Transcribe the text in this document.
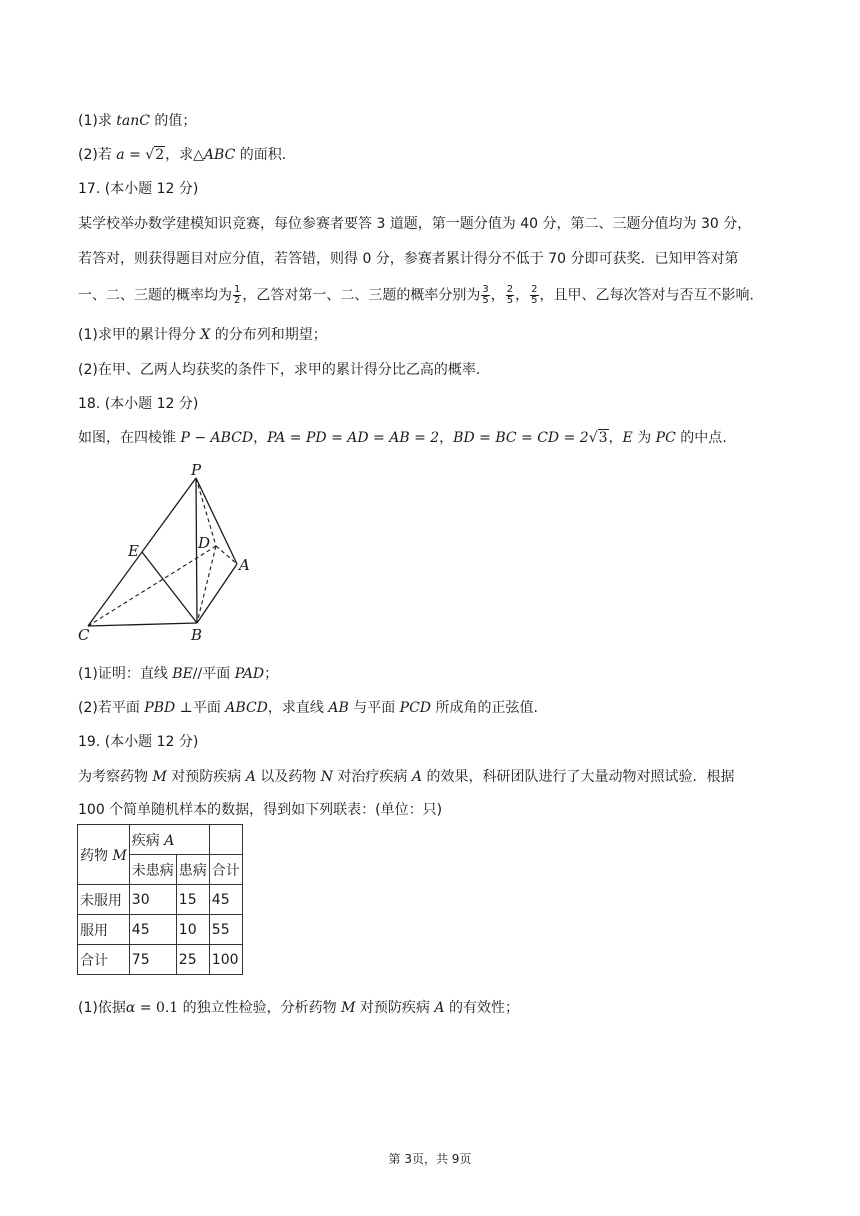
(1)求 tanC 的值；
(2)若 a = √2，求△ABC 的面积.
17. (本小题 12 分)
某学校举办数学建模知识竞赛，每位参赛者要答 3 道题，第一题分值为 40 分，第二、三题分值均为 30 分，
若答对，则获得题目对应分值，若答错，则得 0 分，参赛者累计得分不低于 70 分即可获奖．已知甲答对第
一、二、三题的概率均为 $\frac{1}{2}$ ，乙答对第一、二、三题的概率分别为 $\frac{3}{5}$ ， $\frac{2}{5}$ ， $\frac{2}{5}$ ，且甲、乙每次答对与否互不影响.
(1)求甲的累计得分 X 的分布列和期望；
(2)在甲、乙两人均获奖的条件下，求甲的累计得分比乙高的概率.
18. (本小题 12 分)
如图，在四棱锥 P − ABCD，PA = PD = AD = AB = 2，BD = BC = CD = 2√3，E 为 PC 的中点.
P
D
E
A
C	B
(1)证明：直线 BE//平面 PAD；
(2)若平面 PBD ⊥平面 ABCD，求直线 AB 与平面 PCD 所成角的正弦值.
19. (本小题 12 分)
为考察药物 M 对预防疾病 A 以及药物 N 对治疗疾病 A 的效果，科研团队进行了大量动物对照试验．根据
100 个简单随机样本的数据，得到如下列联表：(单位：只)
药物 M	疾病 A		
	未患病	患病	合计
未服用	30	15	45
服用	45	10	55
合计	75	25	100
(1)依据α = 0.1 的独立性检验，分析药物 M 对预防疾病 A 的有效性；
第 3页，共 9页
